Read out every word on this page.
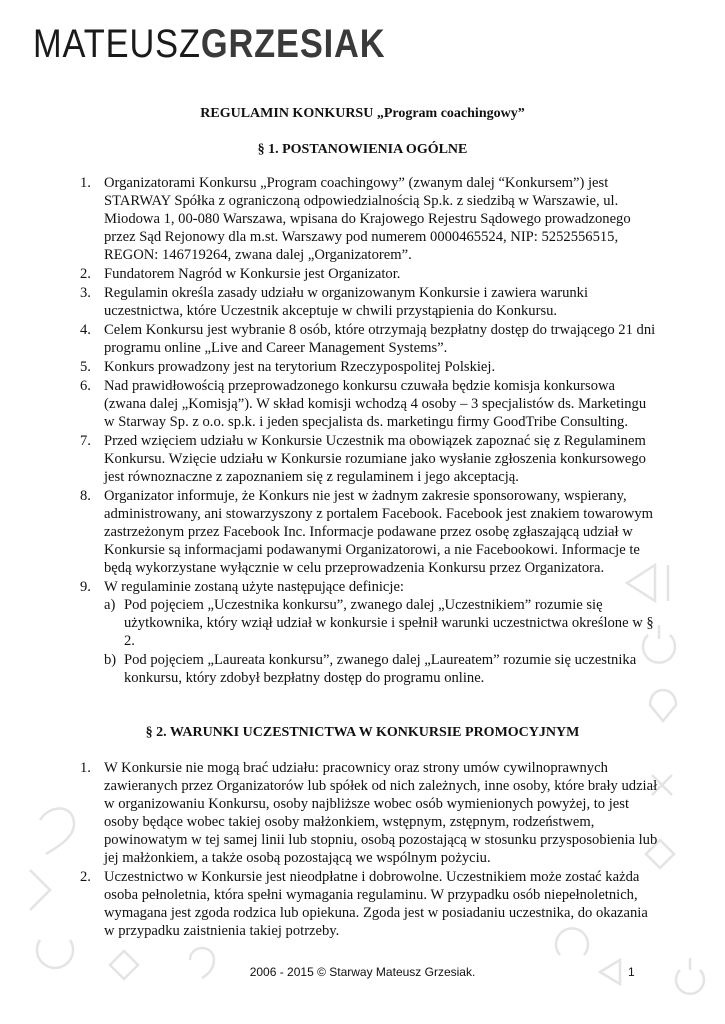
MATEUSZGRZESIAK
REGULAMIN KONKURSU „Program coachingowy”
§ 1. POSTANOWIENIA OGÓLNE
1. Organizatorami Konkursu „Program coachingowy” (zwanym dalej “Konkursem”) jest STARWAY Spółka z ograniczoną odpowiedzialnością Sp.k. z siedzibą w Warszawie, ul. Miodowa 1, 00-080 Warszawa, wpisana do Krajowego Rejestru Sądowego prowadzonego przez Sąd Rejonowy dla m.st. Warszawy pod numerem 0000465524, NIP: 5252556515, REGON: 146719264, zwana dalej „Organizatorem”.
2. Fundatorem Nagród w Konkursie jest Organizator.
3. Regulamin określa zasady udziału w organizowanym Konkursie i zawiera warunki uczestnictwa, które Uczestnik akceptuje w chwili przystąpienia do Konkursu.
4. Celem Konkursu jest wybranie 8 osób, które otrzymają bezpłatny dostęp do trwającego 21 dni programu online „Live and Career Management Systems”.
5. Konkurs prowadzony jest na terytorium Rzeczypospolitej Polskiej.
6. Nad prawidłowością przeprowadzonego konkursu czuwała będzie komisja konkursowa (zwana dalej „Komisją”). W skład komisji wchodzą 4 osoby – 3 specjalistów ds. Marketingu
w Starway Sp. z o.o. sp.k. i jeden specjalista ds. marketingu firmy GoodTribe Consulting.
7. Przed wzięciem udziału w Konkursie Uczestnik ma obowiązek zapoznać się z Regulaminem Konkursu. Wzięcie udziału w Konkursie rozumiane jako wysłanie zgłoszenia konkursowego jest równoznaczne z zapoznaniem się z regulaminem i jego akceptacją.
8. Organizator informuje, że Konkurs nie jest w żadnym zakresie sponsorowany, wspierany, administrowany, ani stowarzyszony z portalem Facebook. Facebook jest znakiem towarowym zastrzeżonym przez Facebook Inc. Informacje podawane przez osobę zgłaszającą udział w Konkursie są informacjami podawanymi Organizatorowi, a nie Facebookowi. Informacje te będą wykorzystane wyłącznie w celu przeprowadzenia Konkursu przez Organizatora.
9. W regulaminie zostaną użyte następujące definicje:
a) Pod pojęciem „Uczestnika konkursu”, zwanego dalej „Uczestnikiem” rozumie się użytkownika, który wziął udział w konkursie i spełnił warunki uczestnictwa określone w § 2.
b) Pod pojęciem „Laureata konkursu”, zwanego dalej „Laureatem” rozumie się uczestnika konkursu, który zdobył bezpłatny dostęp do programu online.
§ 2. WARUNKI UCZESTNICTWA W KONKURSIE PROMOCYJNYM
1. W Konkursie nie mogą brać udziału: pracownicy oraz strony umów cywilnoprawnych zawieranych przez Organizatorów lub spółek od nich zależnych, inne osoby, które brały udział w organizowaniu Konkursu, osoby najbliższe wobec osób wymienionych powyżej, to jest osoby będące wobec takiej osoby małżonkiem, wstępnym, zstępnym, rodzeństwem, powinowatym w tej samej linii lub stopniu, osobą pozostającą w stosunku przysposobienia lub jej małżonkiem, a także osobą pozostającą we wspólnym pożyciu.
2. Uczestnictwo w Konkursie jest nieodpłatne i dobrowolne. Uczestnikiem może zostać każda osoba pełnoletnia, która spełni wymagania regulaminu. W przypadku osób niepełnoletnich, wymagana jest zgoda rodzica lub opiekuna. Zgoda jest w posiadaniu uczestnika, do okazania w przypadku zaistnienia takiej potrzeby.
2006 - 2015 © Starway Mateusz Grzesiak.	1
